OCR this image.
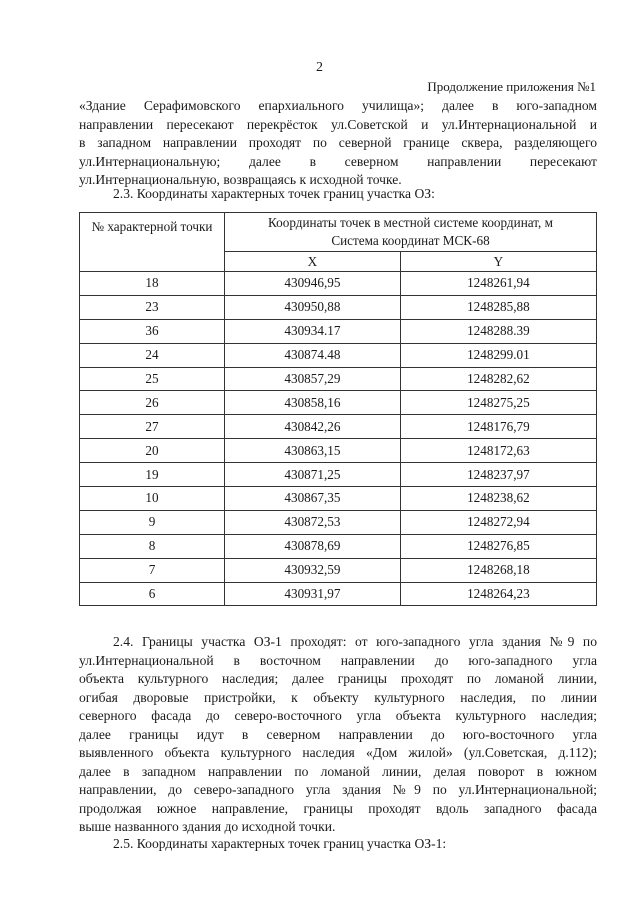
2
Продолжение приложения №1
«Здание Серафимовского епархиального училища»; далее в юго-западном
направлении пересекают перекрёсток ул.Советской и ул.Интернациональной и
в западном направлении проходят по северной границе сквера, разделяющего
ул.Интернациональную; далее в северном направлении пересекают
ул.Интернациональную, возвращаясь к исходной точке.
2.3. Координаты характерных точек границ участка ОЗ:
№ характерной точки	Координаты точек в местной системе координат, м
Система координат МСК-68	
	X	Y
18	430946,95	1248261,94
23	430950,88	1248285,88
36	430934.17	1248288.39
24	430874.48	1248299.01
25	430857,29	1248282,62
26	430858,16	1248275,25
27	430842,26	1248176,79
20	430863,15	1248172,63
19	430871,25	1248237,97
10	430867,35	1248238,62
9	430872,53	1248272,94
8	430878,69	1248276,85
7	430932,59	1248268,18
6	430931,97	1248264,23
2.4. Границы участка ОЗ-1 проходят: от юго-западного угла здания №9 по
ул.Интернациональной в восточном направлении до юго-западного угла
объекта культурного наследия; далее границы проходят по ломаной линии,
огибая дворовые пристройки, к объекту культурного наследия, по линии
северного фасада до северо-восточного угла объекта культурного наследия;
далее границы идут в северном направлении до юго-восточного угла
выявленного объекта культурного наследия «Дом жилой» (ул.Советская, д.112);
далее в западном направлении по ломаной линии, делая поворот в южном
направлении, до северо-западного угла здания №9 по ул.Интернациональной;
продолжая южное направление, границы проходят вдоль западного фасада
выше названного здания до исходной точки.
2.5. Координаты характерных точек границ участка ОЗ-1:
